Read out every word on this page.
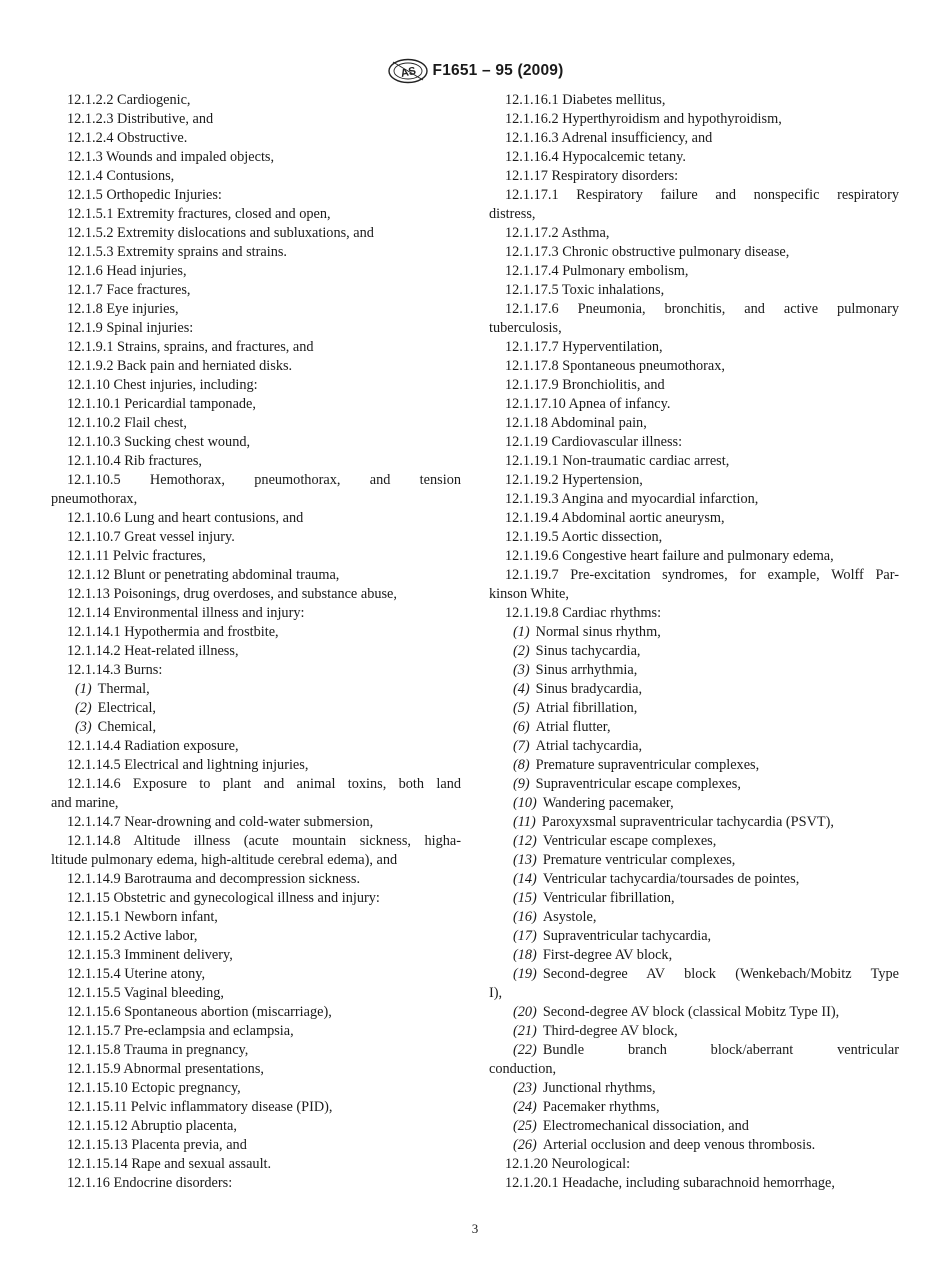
AS F1651 – 95 (2009)
12.1.2.2 Cardiogenic,
12.1.2.3 Distributive, and
12.1.2.4 Obstructive.
12.1.3 Wounds and impaled objects,
12.1.4 Contusions,
12.1.5 Orthopedic Injuries:
12.1.5.1 Extremity fractures, closed and open,
12.1.5.2 Extremity dislocations and subluxations, and
12.1.5.3 Extremity sprains and strains.
12.1.6 Head injuries,
12.1.7 Face fractures,
12.1.8 Eye injuries,
12.1.9 Spinal injuries:
12.1.9.1 Strains, sprains, and fractures, and
12.1.9.2 Back pain and herniated disks.
12.1.10 Chest injuries, including:
12.1.10.1 Pericardial tamponade,
12.1.10.2 Flail chest,
12.1.10.3 Sucking chest wound,
12.1.10.4 Rib fractures,
12.1.10.5 Hemothorax, pneumothorax, and tension
pneumothorax,
12.1.10.6 Lung and heart contusions, and
12.1.10.7 Great vessel injury.
12.1.11 Pelvic fractures,
12.1.12 Blunt or penetrating abdominal trauma,
12.1.13 Poisonings, drug overdoses, and substance abuse,
12.1.14 Environmental illness and injury:
12.1.14.1 Hypothermia and frostbite,
12.1.14.2 Heat-related illness,
12.1.14.3 Burns:
(1) Thermal,
(2) Electrical,
(3) Chemical,
12.1.14.4 Radiation exposure,
12.1.14.5 Electrical and lightning injuries,
12.1.14.6 Exposure to plant and animal toxins, both land
and marine,
12.1.14.7 Near-drowning and cold-water submersion,
12.1.14.8 Altitude illness (acute mountain sickness, higha-
ltitude pulmonary edema, high-altitude cerebral edema), and
12.1.14.9 Barotrauma and decompression sickness.
12.1.15 Obstetric and gynecological illness and injury:
12.1.15.1 Newborn infant,
12.1.15.2 Active labor,
12.1.15.3 Imminent delivery,
12.1.15.4 Uterine atony,
12.1.15.5 Vaginal bleeding,
12.1.15.6 Spontaneous abortion (miscarriage),
12.1.15.7 Pre-eclampsia and eclampsia,
12.1.15.8 Trauma in pregnancy,
12.1.15.9 Abnormal presentations,
12.1.15.10 Ectopic pregnancy,
12.1.15.11 Pelvic inflammatory disease (PID),
12.1.15.12 Abruptio placenta,
12.1.15.13 Placenta previa, and
12.1.15.14 Rape and sexual assault.
12.1.16 Endocrine disorders:
12.1.16.1 Diabetes mellitus,
12.1.16.2 Hyperthyroidism and hypothyroidism,
12.1.16.3 Adrenal insufficiency, and
12.1.16.4 Hypocalcemic tetany.
12.1.17 Respiratory disorders:
12.1.17.1 Respiratory failure and nonspecific respiratory
distress,
12.1.17.2 Asthma,
12.1.17.3 Chronic obstructive pulmonary disease,
12.1.17.4 Pulmonary embolism,
12.1.17.5 Toxic inhalations,
12.1.17.6 Pneumonia, bronchitis, and active pulmonary
tuberculosis,
12.1.17.7 Hyperventilation,
12.1.17.8 Spontaneous pneumothorax,
12.1.17.9 Bronchiolitis, and
12.1.17.10 Apnea of infancy.
12.1.18 Abdominal pain,
12.1.19 Cardiovascular illness:
12.1.19.1 Non-traumatic cardiac arrest,
12.1.19.2 Hypertension,
12.1.19.3 Angina and myocardial infarction,
12.1.19.4 Abdominal aortic aneurysm,
12.1.19.5 Aortic dissection,
12.1.19.6 Congestive heart failure and pulmonary edema,
12.1.19.7 Pre-excitation syndromes, for example, Wolff Par-
kinson White,
12.1.19.8 Cardiac rhythms:
(1) Normal sinus rhythm,
(2) Sinus tachycardia,
(3) Sinus arrhythmia,
(4) Sinus bradycardia,
(5) Atrial fibrillation,
(6) Atrial flutter,
(7) Atrial tachycardia,
(8) Premature supraventricular complexes,
(9) Supraventricular escape complexes,
(10) Wandering pacemaker,
(11) Paroxyxsmal supraventricular tachycardia (PSVT),
(12) Ventricular escape complexes,
(13) Premature ventricular complexes,
(14) Ventricular tachycardia/toursades de pointes,
(15) Ventricular fibrillation,
(16) Asystole,
(17) Supraventricular tachycardia,
(18) First-degree AV block,
(19) Second-degree AV block (Wenkebach/Mobitz Type
I),
(20) Second-degree AV block (classical Mobitz Type II),
(21) Third-degree AV block,
(22) Bundle branch block/aberrant ventricular
conduction,
(23) Junctional rhythms,
(24) Pacemaker rhythms,
(25) Electromechanical dissociation, and
(26) Arterial occlusion and deep venous thrombosis.
12.1.20 Neurological:
12.1.20.1 Headache, including subarachnoid hemorrhage,
3
